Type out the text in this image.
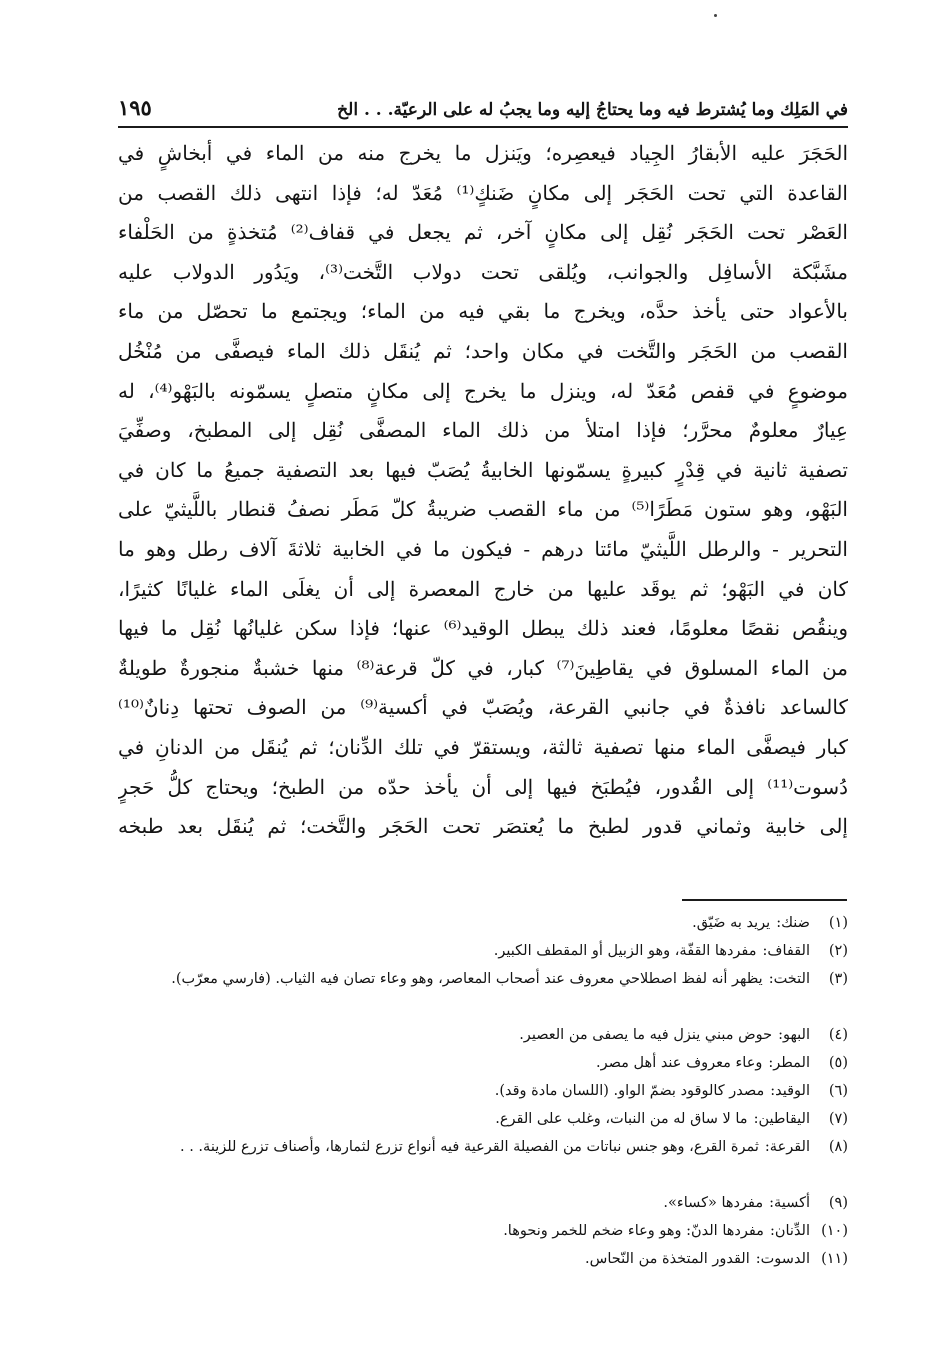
في المَلِك وما يُشترط فيه وما يحتاجُ إليه وما يجبُ له على الرعيّة. . . الخ
١٩٥
الحَجَرَ عليه الأبقارُ الجِياد فيعصِره؛ ويَنزل ما يخرج منه من الماء في أبخاشٍ في
القاعدة التي تحت الحَجَر إلى مكانٍ ضَنكٍ⁽¹⁾ مُعَدّ له؛ فإذا انتهى ذلك القصب من
العَصْر تحت الحَجَر نُقِل إلى مكانٍ آخر، ثم يجعل في قفاف⁽²⁾ مُتخذةٍ من الحَلْفاء
مشَبَّكة الأسافِل والجوانب، ويُلقى تحت دولاب التَّخت⁽³⁾، ويَدُور الدولاب عليه
بالأعواد حتى يأخذ حدَّه، ويخرج ما بقي فيه من الماء؛ ويجتمع ما تحصّل من ماء
القصب من الحَجَر والتَّخت في مكان واحد؛ ثم يُنقَل ذلك الماء فيصفَّى من مُنْخُل
موضوعٍ في قفص مُعَدّ له، وينزل ما يخرج إلى مكانٍ متصلٍ يسمّونه بالبَهْو⁽⁴⁾، له
عِيارٌ معلومٌ محرَّر؛ فإذا امتلأ من ذلك الماء المصفَّى نُقِل إلى المطبخ، وصفِّيَ
تصفية ثانية في قِدْرٍ كبيرةٍ يسمّونها الخابيةُ يُصَبّ فيها بعد التصفية جميعُ ما كان في
البَهْو، وهو ستون مَطَرًا⁽⁵⁾ من ماء القصب ضريبةُ كلّ مَطَر نصفُ قنطار باللَّيثيّ على
التحرير - والرطل اللَّيثيّ مائتا درهم - فيكون ما في الخابية ثلاثةَ آلاف رطل وهو ما
كان في البَهْو؛ ثم يوقَد عليها من خارج المعصرة إلى أن يغلَى الماء غليانًا كثيرًا،
وينقُص نقصًا معلومًا، فعند ذلك يبطل الوقيد⁽⁶⁾ عنها؛ فإذا سكن غليانُها نُقِل ما فيها
من الماء المسلوق في يقاطِينَ⁽⁷⁾ كبار، في كلّ قرعة⁽⁸⁾ منها خشبةٌ منجورةٌ طويلةٌ
كالساعد نافذةٌ في جانبي القرعة، ويُصَبّ في أكسية⁽⁹⁾ من الصوف تحتها دِنانٌ⁽¹⁰⁾
كبار فيصفَّى الماء منها تصفية ثالثة، ويستقرّ في تلك الدِّنان؛ ثم يُنقَل من الدنانِ في
دُسوت⁽¹¹⁾ إلى القُدور، فيُطبَخ فيها إلى أن يأخذ حدّه من الطبخ؛ ويحتاج كلُّ حَجرٍ
إلى خابية وثماني قدور لطبخ ما يُعتصَر تحت الحَجَر والتَّخت؛ ثم يُنقَل بعد طبخه
(١)
ضنك:يريد به ضَيّق.
(٢)
القفاف:مفردها القفّة، وهو الزبيل أو المقطف الكبير.
(٣)
التخت:يظهر أنه لفظ اصطلاحي معروف عند أصحاب المعاصر، وهو وعاء تصان فيه الثياب. (فارسي معرّب).
(٤)
البهو:حوض مبني ينزل فيه ما يصفى من العصير.
(٥)
المطر:وعاء معروف عند أهل مصر.
(٦)
الوقيد:مصدر كالوقود بضمّ الواو. (اللسان مادة وقد).
(٧)
اليقاطين:ما لا ساق له من النبات، وغلب على القرع.
(٨)
القرعة:ثمرة القرع، وهو جنس نباتات من الفصيلة القرعية فيه أنواع تزرع لثمارها، وأصناف تزرع للزينة. . .
(٩)
أكسية:مفردها «كساء».
(١٠)
الدِّنان:مفردها الدنّ: وهو وعاء ضخم للخمر ونحوها.
(١١)
الدسوت:القدور المتخذة من النّحاس.
